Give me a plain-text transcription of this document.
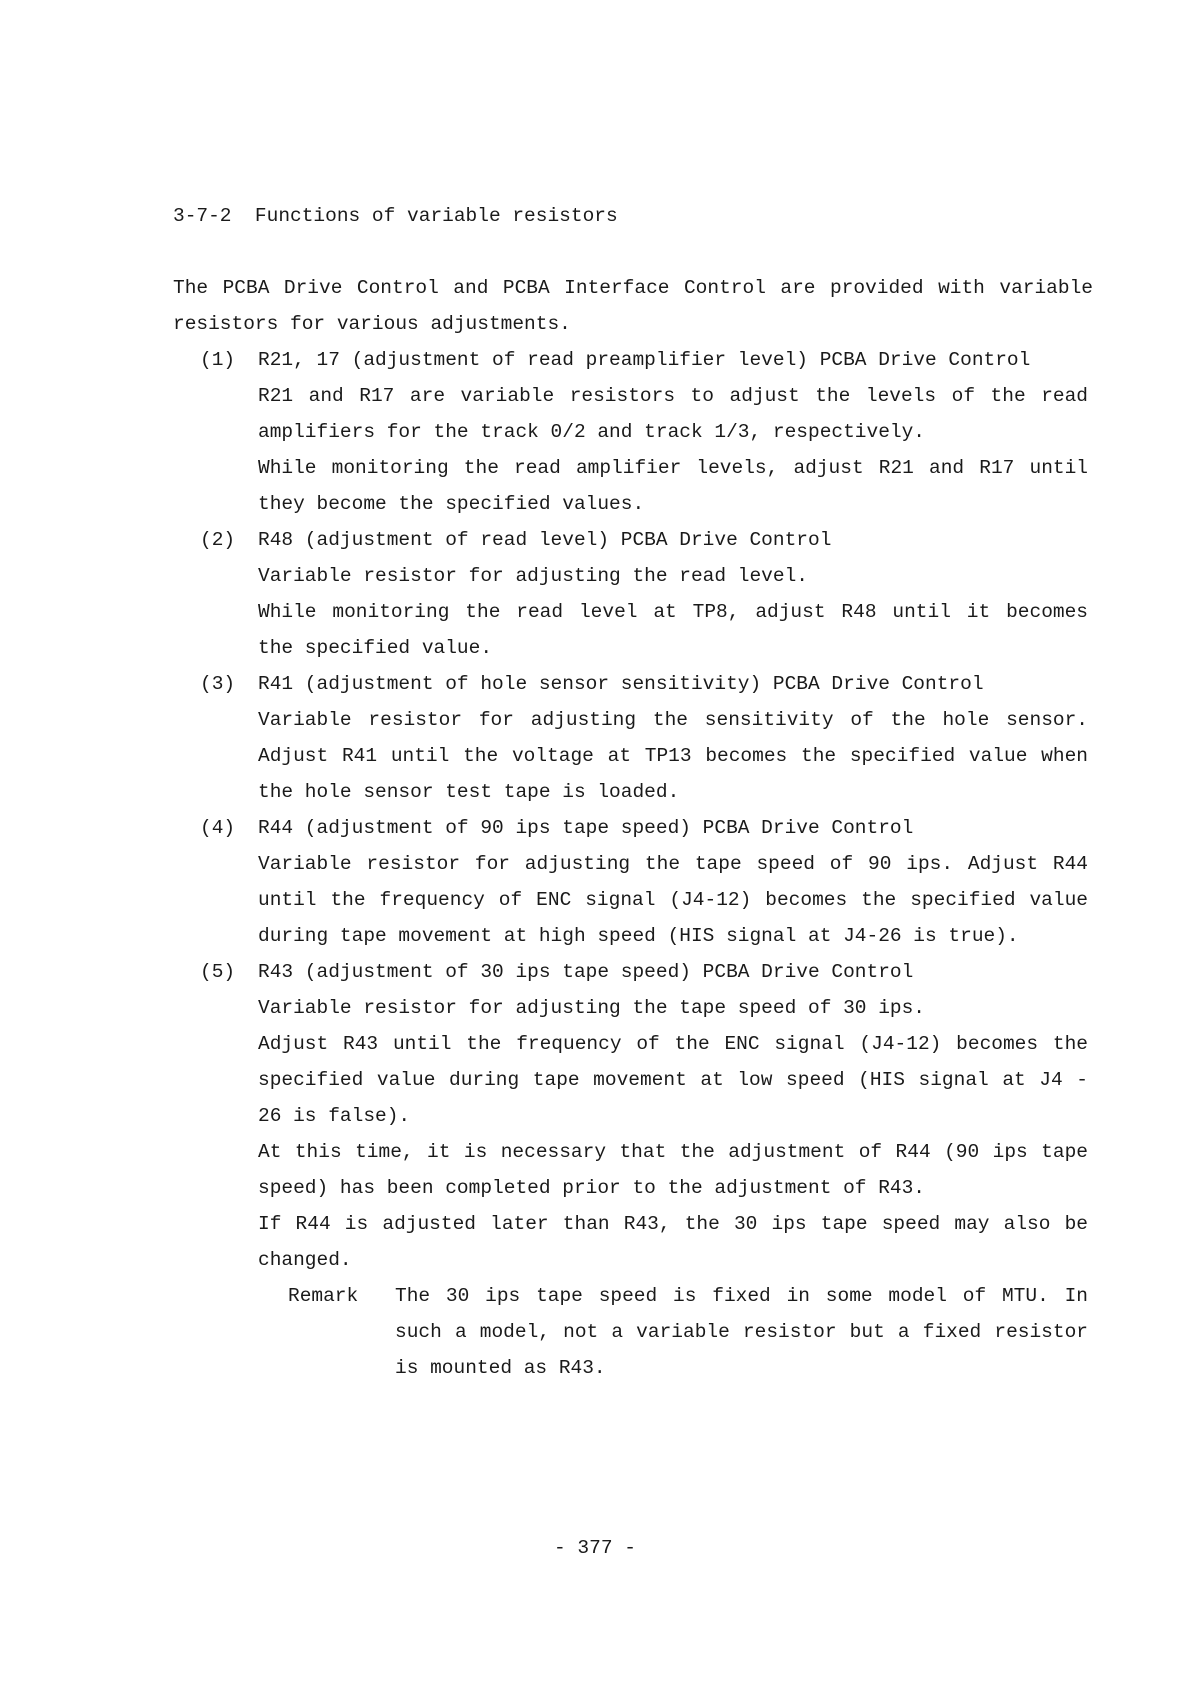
3-7-2  Functions of variable resistors
The PCBA Drive Control and PCBA Interface Control are provided with variable
resistors for various adjustments.
(1) R21, 17 (adjustment of read preamplifier level) PCBA Drive Control
R21 and R17 are variable resistors to adjust the levels of the read
amplifiers for the track 0/2 and track 1/3, respectively.
While monitoring the read amplifier levels, adjust R21 and R17 until
they become the specified values.
(2) R48 (adjustment of read level) PCBA Drive Control
Variable resistor for adjusting the read level.
While monitoring the read level at TP8, adjust R48 until it becomes
the specified value.
(3) R41 (adjustment of hole sensor sensitivity) PCBA Drive Control
Variable resistor for adjusting the sensitivity of the hole sensor.
Adjust R41 until the voltage at TP13 becomes the specified value when
the hole sensor test tape is loaded.
(4) R44 (adjustment of 90 ips tape speed) PCBA Drive Control
Variable resistor for adjusting the tape speed of 90 ips. Adjust R44
until the frequency of ENC signal (J4-12) becomes the specified value
during tape movement at high speed (HIS signal at J4-26 is true).
(5) R43 (adjustment of 30 ips tape speed) PCBA Drive Control
Variable resistor for adjusting the tape speed of 30 ips.
Adjust R43 until the frequency of the ENC signal (J4-12) becomes the
specified value during tape movement at low speed (HIS signal at J4 -
26 is false).
At this time, it is necessary that the adjustment of R44 (90 ips tape
speed) has been completed prior to the adjustment of R43.
If R44 is adjusted later than R43, the 30 ips tape speed may also be
changed.
Remark The 30 ips tape speed is fixed in some model of MTU. In
such a model, not a variable resistor but a fixed resistor
is mounted as R43.
- 377 -
